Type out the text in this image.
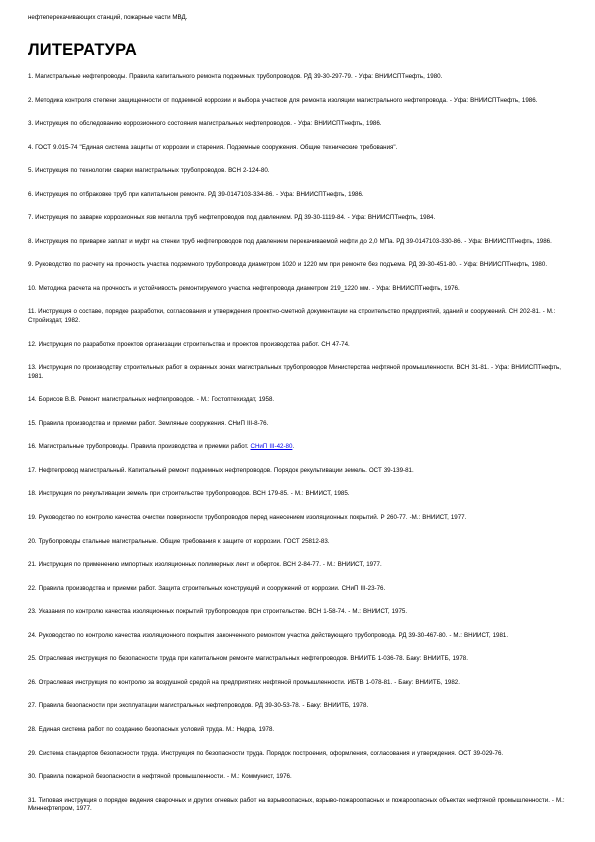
нефтеперекачивающих станций, пожарные части МВД.
ЛИТЕРАТУРА
1. Магистральные нефтепроводы. Правила капитального ремонта подземных трубопроводов. РД 39-30-297-79. - Уфа: ВНИИСПТнефть, 1980.
2. Методика контроля степени защищенности от подземной коррозии и выбора участков для ремонта изоляции магистрального нефтепровода. - Уфа: ВНИИСПТнефть, 1986.
3. Инструкция по обследованию коррозионного состояния магистральных нефтепроводов. - Уфа: ВНИИСПТнефть, 1986.
4. ГОСТ 9.015-74 "Единая система защиты от коррозии и старения. Подземные сооружения. Общие технические требования".
5. Инструкция по технологии сварки магистральных трубопроводов. ВСН 2-124-80.
6. Инструкция по отбраковке труб при капитальном ремонте. РД 39-0147103-334-86. - Уфа: ВНИИСПТнефть, 1986.
7. Инструкция по заварке коррозионных язв металла труб нефтепроводов под давлением. РД 39-30-1119-84. - Уфа: ВНИИСПТнефть, 1984.
8. Инструкция по приварке заплат и муфт на стенки труб нефтепроводов под давлением перекачиваемой нефти до 2,0 МПа. РД 39-0147103-330-86. - Уфа: ВНИИСПТнефть, 1986.
9. Руководство по расчету на прочность участка подземного трубопровода диаметром 1020 и 1220 мм при ремонте без подъема. РД 39-30-451-80. - Уфа: ВНИИСПТнефть, 1980.
10. Методика расчета на прочность и устойчивость ремонтируемого участка нефтепровода диаметром 219_1220 мм. - Уфа: ВНИИСПТнефть, 1976.
11. Инструкция о составе, порядке разработки, согласования и утверждения проектно-сметной документации на строительство предприятий, зданий и сооружений. СН 202-81. - М.: Стройиздат, 1982.
12. Инструкция по разработке проектов организации строительства и проектов производства работ. СН 47-74.
13. Инструкция по производству строительных работ в охранных зонах магистральных трубопроводов Министерства нефтяной промышленности. ВСН 31-81. - Уфа: ВНИИСПТнефть, 1981.
14. Борисов В.В. Ремонт магистральных нефтепроводов. - М.: Гостоптехиздат, 1958.
15. Правила производства и приемки работ. Земляные сооружения. СНиП III-8-76.
16. Магистральные трубопроводы. Правила производства и приемки работ. СНиП III-42-80.
17. Нефтепровод магистральный. Капитальный ремонт подземных нефтепроводов. Порядок рекультивации земель. ОСТ 39-139-81.
18. Инструкция по рекультивации земель при строительстве трубопроводов. ВСН 179-85. - М.: ВНИИСТ, 1985.
19. Руководство по контролю качества очистки поверхности трубопроводов перед нанесением изоляционных покрытий. Р 260-77. -М.: ВНИИСТ, 1977.
20. Трубопроводы стальные магистральные. Общие требования к защите от коррозии. ГОСТ 25812-83.
21. Инструкция по применению импортных изоляционных полимерных лент и оберток. ВСН 2-84-77. - М.: ВНИИСТ, 1977.
22. Правила производства и приемки работ. Защита строительных конструкций и сооружений от коррозии. СНиП III-23-76.
23. Указания по контролю качества изоляционных покрытий трубопроводов при строительстве. ВСН 1-58-74. - М.: ВНИИСТ, 1975.
24. Руководство по контролю качества изоляционного покрытия законченного ремонтом участка действующего трубопровода. РД 39-30-467-80. - М.: ВНИИСТ, 1981.
25. Отраслевая инструкция по безопасности труда при капитальном ремонте магистральных нефтепроводов. ВНИИТБ 1-036-78. Баку: ВНИИТБ, 1978.
26. Отраслевая инструкция по контролю за воздушной средой на предприятиях нефтяной промышленности. ИБТВ 1-078-81. - Баку: ВНИИТБ, 1982.
27. Правила безопасности при эксплуатации магистральных нефтепроводов. РД 39-30-53-78. - Баку: ВНИИТБ, 1978.
28. Единая система работ по созданию безопасных условий труда. М.: Недра, 1978.
29. Система стандартов безопасности труда. Инструкция по безопасности труда. Порядок построения, оформления, согласования и утверждения. ОСТ 39-029-76.
30. Правила пожарной безопасности в нефтяной промышленности. - М.: Коммунист, 1976.
31. Типовая инструкция о порядке ведения сварочных и других огневых работ на взрывоопасных, взрыво-пожароопасных и пожароопасных объектах нефтяной промышленности. - М.: Миннефтепром, 1977.
